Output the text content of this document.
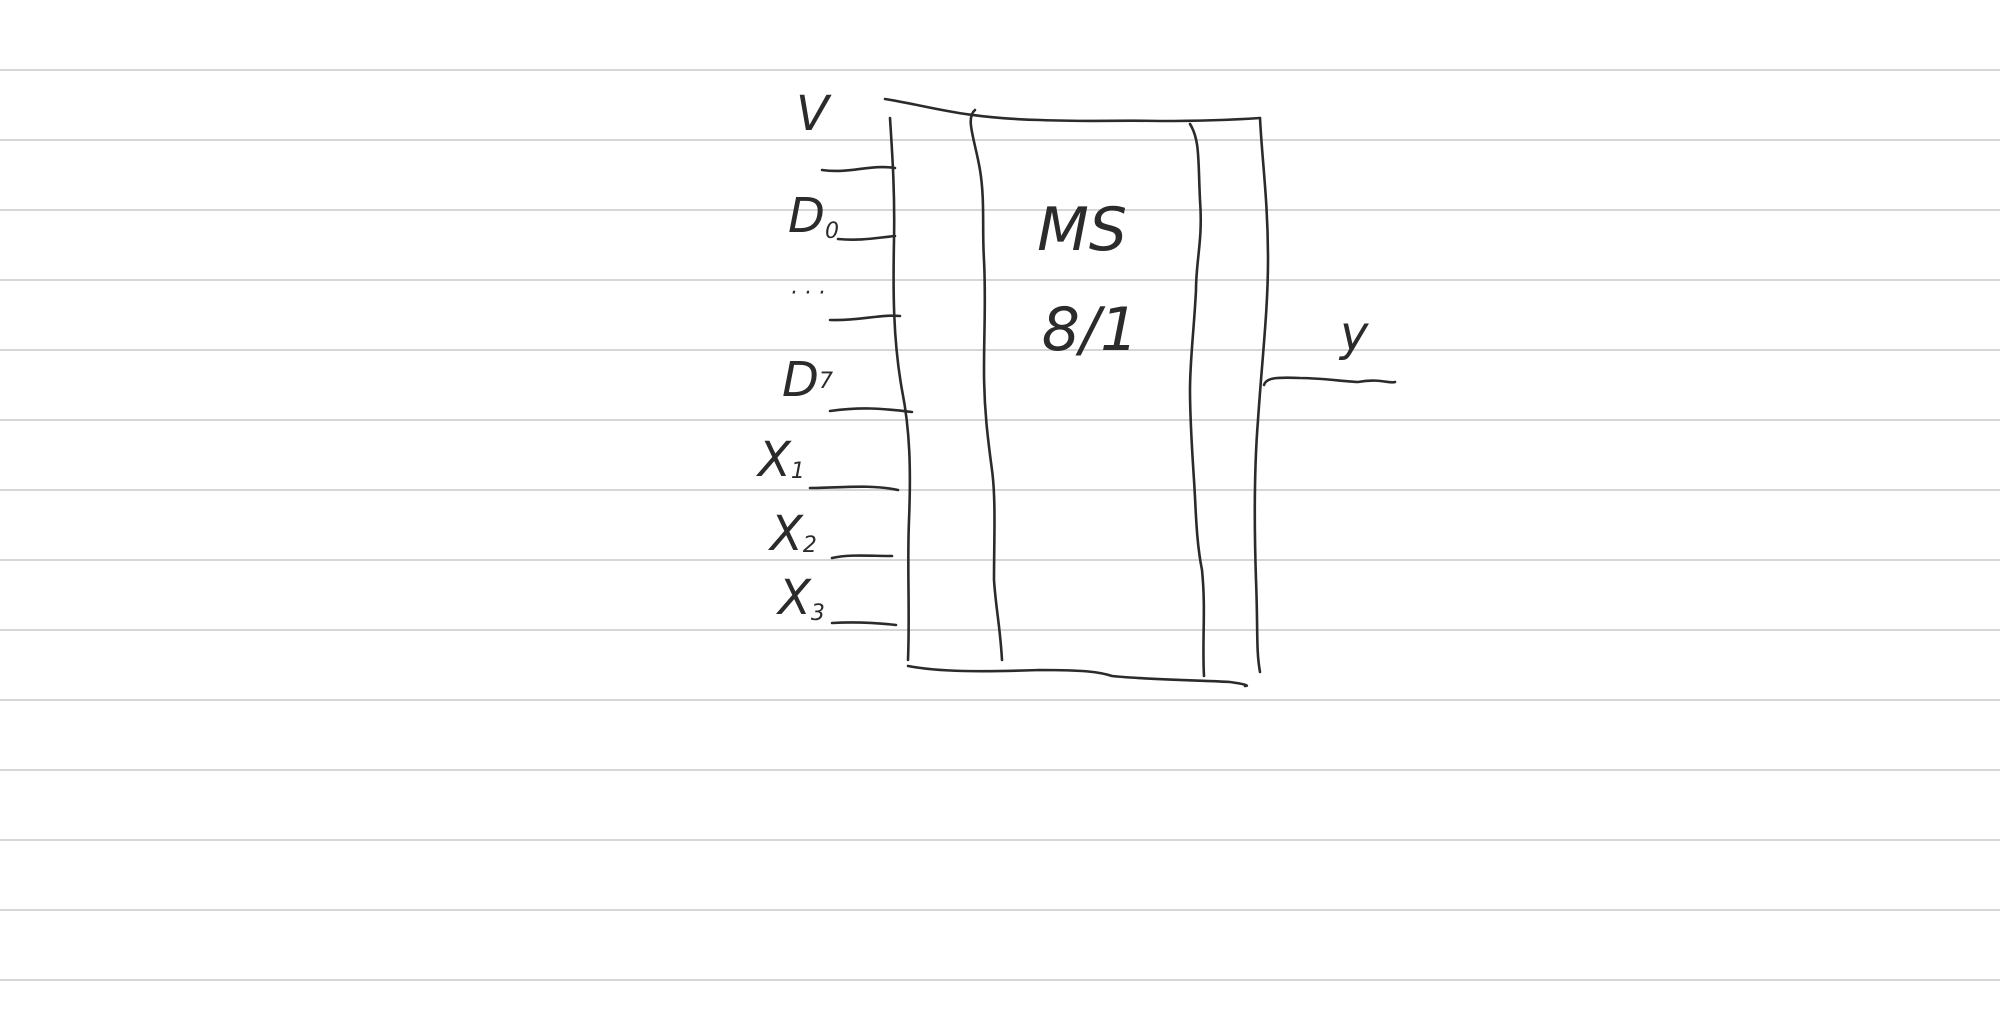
V
D0
· · ·
D7
X1
X2
X3
MS
8/1	y
